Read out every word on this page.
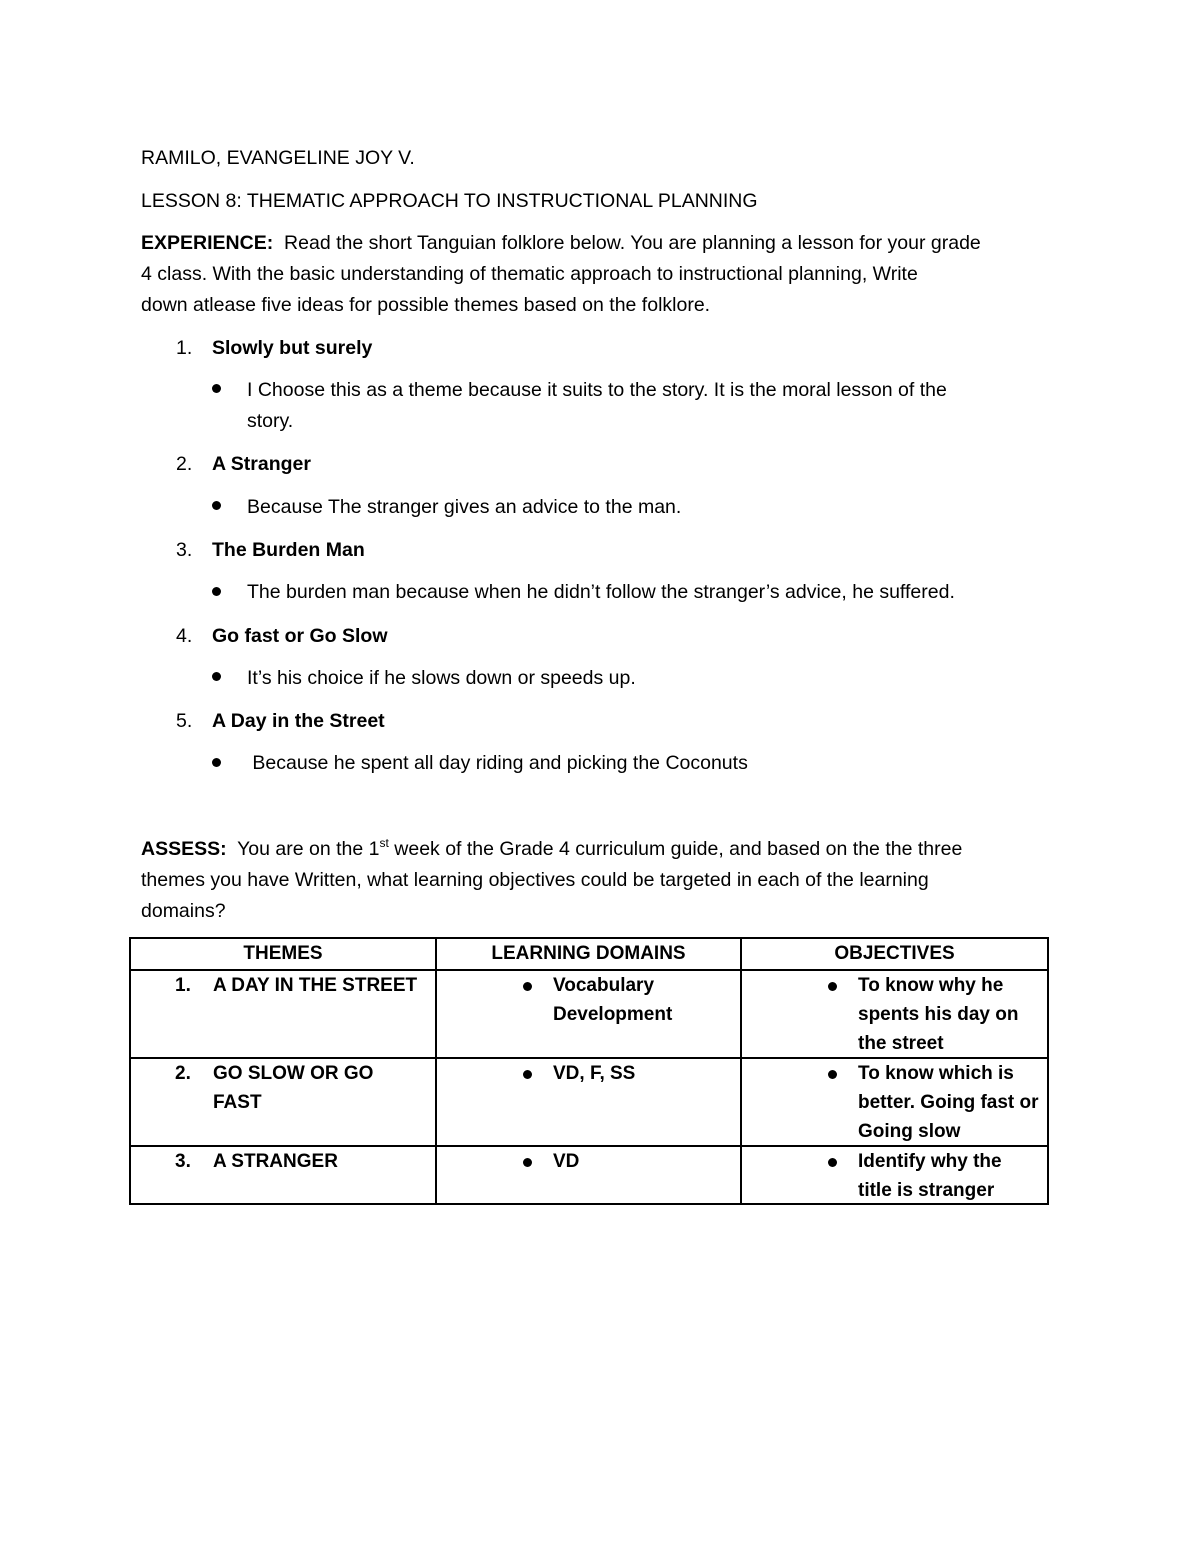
RAMILO, EVANGELINE JOY V.
LESSON 8: THEMATIC APPROACH TO INSTRUCTIONAL PLANNING
EXPERIENCE: Read the short Tanguian folklore below. You are planning a lesson for your grade
4 class. With the basic understanding of thematic approach to instructional planning, Write
down atlease five ideas for possible themes based on the folklore.
1. Slowly but surely
I Choose this as a theme because it suits to the story. It is the moral lesson of the
story.
2. A Stranger
Because The stranger gives an advice to the man.
3. The Burden Man
The burden man because when he didn’t follow the stranger’s advice, he suffered.
4. Go fast or Go Slow
It’s his choice if he slows down or speeds up.
5. A Day in the Street
Because he spent all day riding and picking the Coconuts
ASSESS: You are on the 1st week of the Grade 4 curriculum guide, and based on the the three
themes you have Written, what learning objectives could be targeted in each of the learning
domains?
THEMES	LEARNING DOMAINS	OBJECTIVES

1. A DAY IN THE STREET	Vocabulary Development	To know why he spents his day on the street

2. GO SLOW OR GO FAST	VD, F, SS	To know which is better. Going fast or Going slow

3. A STRANGER	VD	Identify why the title is stranger
